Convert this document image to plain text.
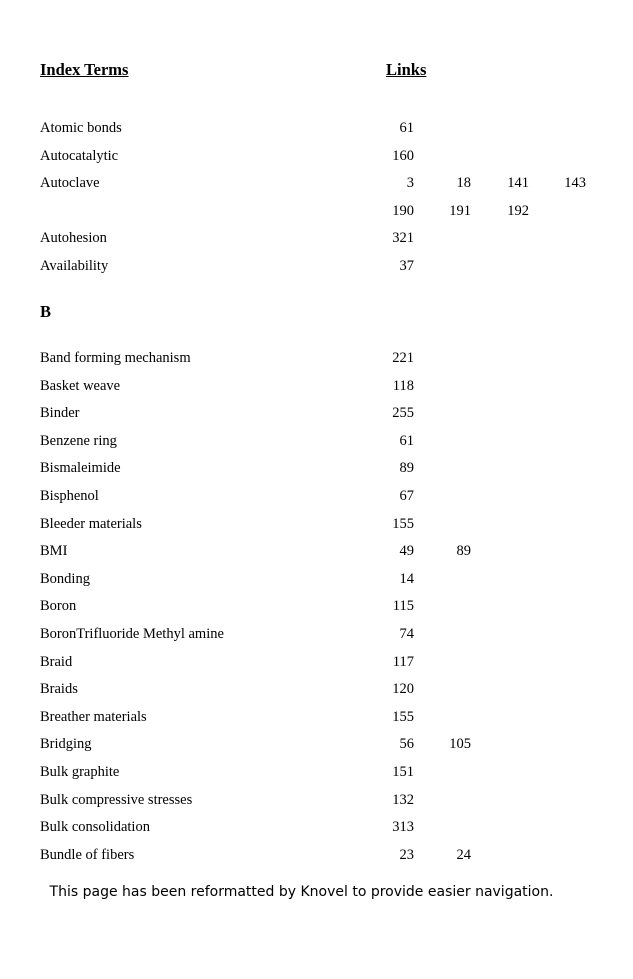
Index Terms	Links
Atomic bonds	61
Autocatalytic	160
Autoclave	3	18	141	143
190	191	192
Autohesion	321
Availability	37
B
Band forming mechanism	221
Basket weave	118
Binder	255
Benzene ring	61
Bismaleimide	89
Bisphenol	67
Bleeder materials	155
BMI	49	89
Bonding	14
Boron	115
BoronTrifluoride Methyl amine	74
Braid	117
Braids	120
Breather materials	155
Bridging	56	105
Bulk graphite	151
Bulk compressive stresses	132
Bulk consolidation	313
Bundle of fibers	23	24
This page has been reformatted by Knovel to provide easier navigation.
